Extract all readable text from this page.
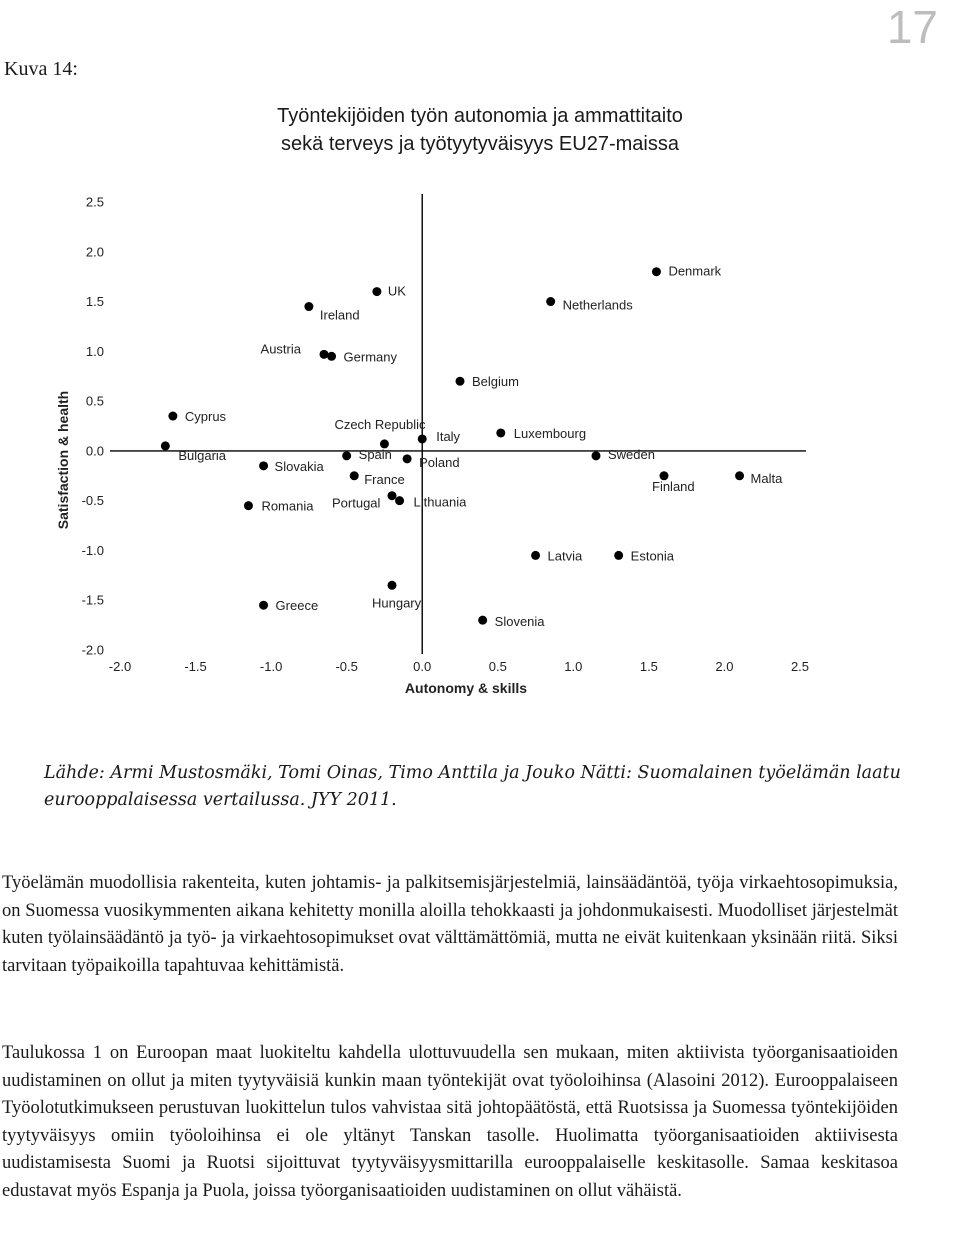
17
Kuva 14:
Työntekijöiden työn autonomia ja ammattitaito
sekä terveys ja työtyytyväisyys EU27-maissa
-2.0	-1.5	-1.0	-0.5	0.0	0.5	1.0	1.5	2.0	2.5
2.5
2.0
1.5
1.0
0.5
0.0
-0.5
-1.0
-1.5
-2.0
Autonomy & skills
Satisfaction & health
Denmark
UK
Ireland
Netherlands
Austria
Germany
Belgium
Cyprus
Bulgaria
Czech Republic
Italy	Luxembourg
Spain
Poland
Slovakia
Sweden
France	Finland
Malta
Portugal	Lithuania
Romania
Latvia	Estonia
Hungary
Greece
Slovenia
Lähde: Armi Mustosmäki, Tomi Oinas, Timo Anttila ja Jouko Nätti: Suomalainen työelämän laatu eurooppalaisessa vertailussa. JYY 2011.

Työelämän muodollisia rakenteita, kuten johtamis- ja palkitsemisjärjestelmiä, lainsäädäntöä, työja virkaehtosopimuksia, on Suomessa vuosikymmenten aikana kehitetty monilla aloilla tehokkaasti ja johdonmukaisesti. Muodolliset järjestelmät kuten työlainsäädäntö ja työ- ja virkaehtosopimukset ovat välttämättömiä, mutta ne eivät kuitenkaan yksinään riitä. Siksi tarvitaan työpaikoilla tapahtuvaa kehittämistä.

Taulukossa 1 on Euroopan maat luokiteltu kahdella ulottuvuudella sen mukaan, miten aktiivista työorganisaatioiden uudistaminen on ollut ja miten tyytyväisiä kunkin maan työntekijät ovat työoloihinsa (Alasoini 2012). Eurooppalaiseen Työolotutkimukseen perustuvan luokittelun tulos vahvistaa sitä johtopäätöstä, että Ruotsissa ja Suomessa työntekijöiden tyytyväisyys omiin työoloihinsa ei ole yltänyt Tanskan tasolle. Huolimatta työorganisaatioiden aktiivisesta uudistamisesta Suomi ja Ruotsi sijoittuvat tyytyväisyysmittarilla eurooppalaiselle keskitasolle. Samaa keskitasoa edustavat myös Espanja ja Puola, joissa työorganisaatioiden uudistaminen on ollut vähäistä.
